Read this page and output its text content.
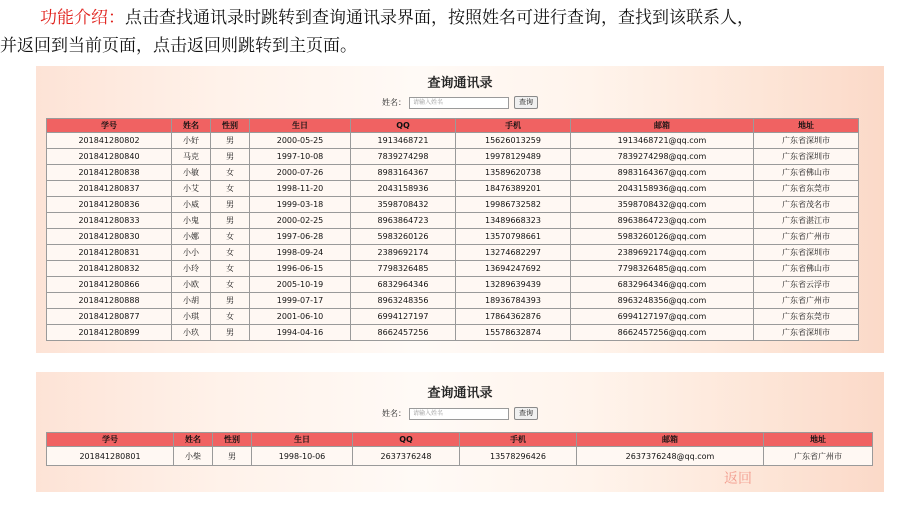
功能介绍：点击查找通讯录时跳转到查询通讯录界面，按照姓名可进行查询，查找到该联系人，
并返回到当前页面，点击返回则跳转到主页面。
查询通讯录
姓名：	请输入姓名	查询
学号	姓名	性别	生日	QQ	手机	邮箱	地址
201841280802	小好	男	2000-05-25	1913468721	15626013259	1913468721@qq.com	广东省深圳市
201841280840	马克	男	1997-10-08	7839274298	19978129489	7839274298@qq.com	广东省深圳市
201841280838	小敏	女	2000-07-26	8983164367	13589620738	8983164367@qq.com	广东省佛山市
201841280837	小艾	女	1998-11-20	2043158936	18476389201	2043158936@qq.com	广东省东莞市
201841280836	小威	男	1999-03-18	3598708432	19986732582	3598708432@qq.com	广东省茂名市
201841280833	小鬼	男	2000-02-25	8963864723	13489668323	8963864723@qq.com	广东省湛江市
201841280830	小娜	女	1997-06-28	5983260126	13570798661	5983260126@qq.com	广东省广州市
201841280831	小小	女	1998-09-24	2389692174	13274682297	2389692174@qq.com	广东省深圳市
201841280832	小玲	女	1996-06-15	7798326485	13694247692	7798326485@qq.com	广东省佛山市
201841280866	小欧	女	2005-10-19	6832964346	13289639439	6832964346@qq.com	广东省云浮市
201841280888	小胡	男	1999-07-17	8963248356	18936784393	8963248356@qq.com	广东省广州市
201841280877	小琪	女	2001-06-10	6994127197	17864362876	6994127197@qq.com	广东省东莞市
201841280899	小玖	男	1994-04-16	8662457256	15578632874	8662457256@qq.com	广东省深圳市
查询通讯录
姓名：	请输入姓名	查询
学号	姓名	性别	生日	QQ	手机	邮箱	地址
201841280801	小柴	男	1998-10-06	2637376248	13578296426	2637376248@qq.com	广东省广州市
返回
